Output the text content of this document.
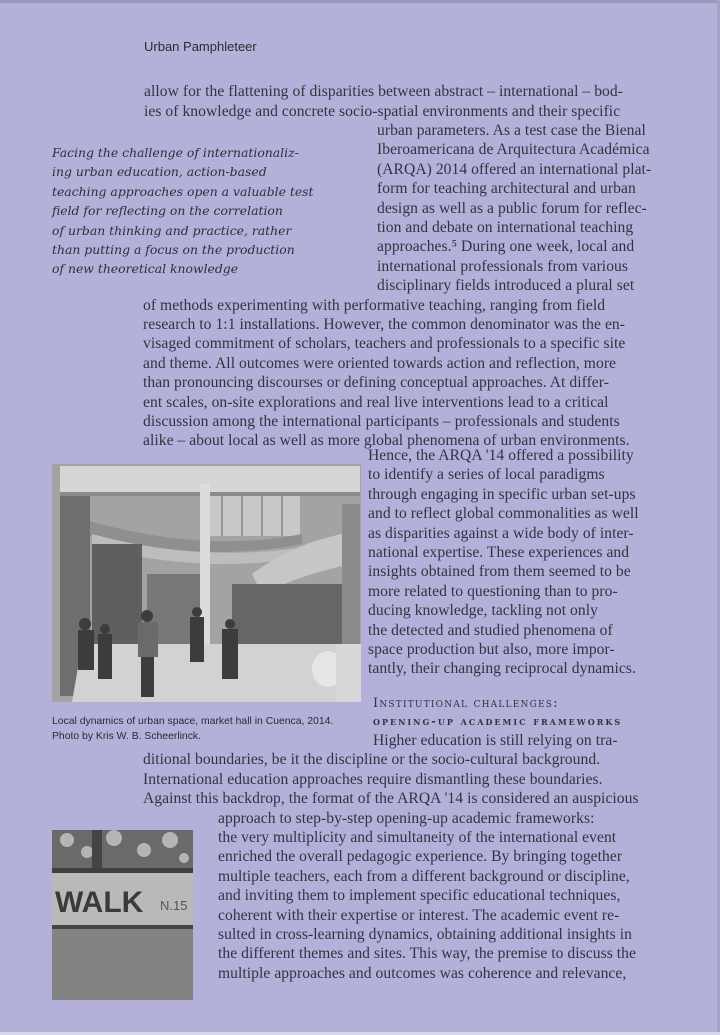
Urban Pamphleteer
allow for the flattening of disparities between abstract – international – bod-
ies of knowledge and concrete socio-spatial environments and their specific
urban parameters. As a test case the Bienal
Iberoamericana de Arquitectura Académica
(ARQA) 2014 offered an international plat-
form for teaching architectural and urban
design as well as a public forum for reflec-
tion and debate on international teaching
approaches.⁵ During one week, local and
international professionals from various
disciplinary fields introduced a plural set
Facing the challenge of internationaliz-
ing urban education, action-based
teaching approaches open a valuable test
field for reflecting on the correlation
of urban thinking and practice, rather
than putting a focus on the production
of new theoretical knowledge
of methods experimenting with performative teaching, ranging from field
research to 1:1 installations. However, the common denominator was the en-
visaged commitment of scholars, teachers and professionals to a specific site
and theme. All outcomes were oriented towards action and reflection, more
than pronouncing discourses or defining conceptual approaches. At differ-
ent scales, on-site explorations and real live interventions lead to a critical
discussion among the international participants – professionals and students
alike – about local as well as more global phenomena of urban environments.
Hence, the ARQA '14 offered a possibility
to identify a series of local paradigms
through engaging in specific urban set-ups
and to reflect global commonalities as well
as disparities against a wide body of inter-
national expertise. These experiences and
insights obtained from them seemed to be
more related to questioning than to pro-
ducing knowledge, tackling not only
the detected and studied phenomena of
space production but also, more impor-
tantly, their changing reciprocal dynamics.
Local dynamics of urban space, market hall in Cuenca, 2014.
Photo by Kris W. B. Scheerlinck.
Institutional challenges:
opening-up academic frameworks
Higher education is still relying on tra-
ditional boundaries, be it the discipline or the socio-cultural background.
International education approaches require dismantling these boundaries.
Against this backdrop, the format of the ARQA '14 is considered an auspicious
WALK N.15
approach to step-by-step opening-up academic frameworks:
the very multiplicity and simultaneity of the international event
enriched the overall pedagogic experience. By bringing together
multiple teachers, each from a different background or discipline,
and inviting them to implement specific educational techniques,
coherent with their expertise or interest. The academic event re-
sulted in cross-learning dynamics, obtaining additional insights in
the different themes and sites. This way, the premise to discuss the
multiple approaches and outcomes was coherence and relevance,
